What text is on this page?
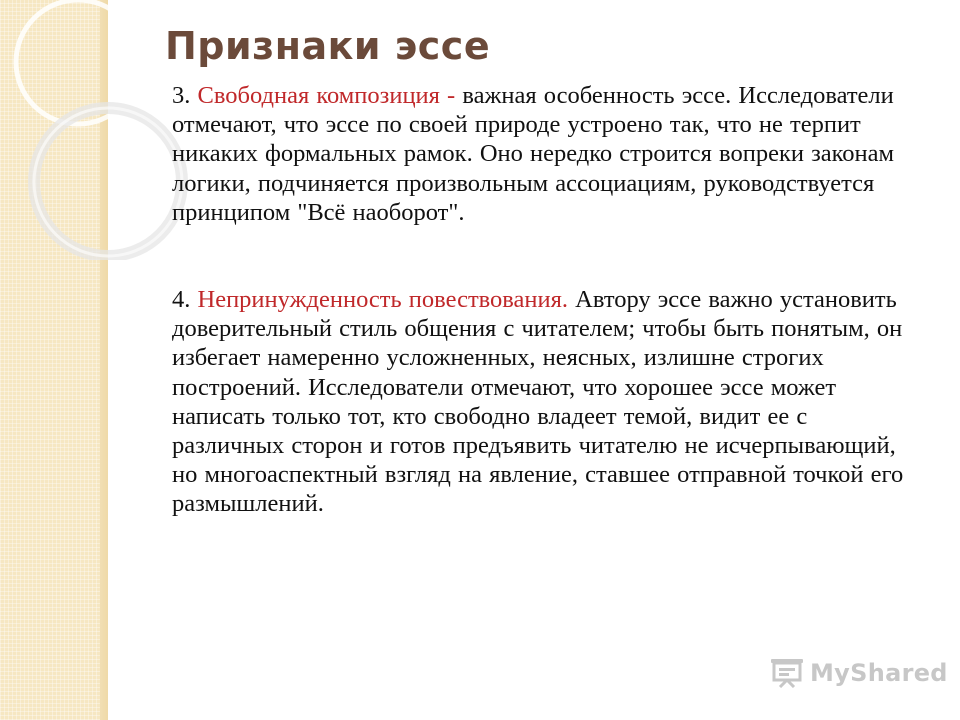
Признаки эссе

3. Свободная композиция - важная особенность эссе. Исследователи отмечают, что эссе по своей природе устроено так, что не терпит никаких формальных рамок. Оно нередко строится вопреки законам логики, подчиняется произвольным ассоциациям, руководствуется принципом "Всё наоборот".

4. Непринужденность повествования. Автору эссе важно установить доверительный стиль общения с читателем; чтобы быть понятым, он избегает намеренно усложненных, неясных, излишне строгих построений. Исследователи отмечают, что хорошее эссе может написать только тот, кто свободно владеет темой, видит ее с различных сторон и готов предъявить читателю не исчерпывающий, но многоаспектный взгляд на явление, ставшее отправной точкой его размышлений.

MyShared
